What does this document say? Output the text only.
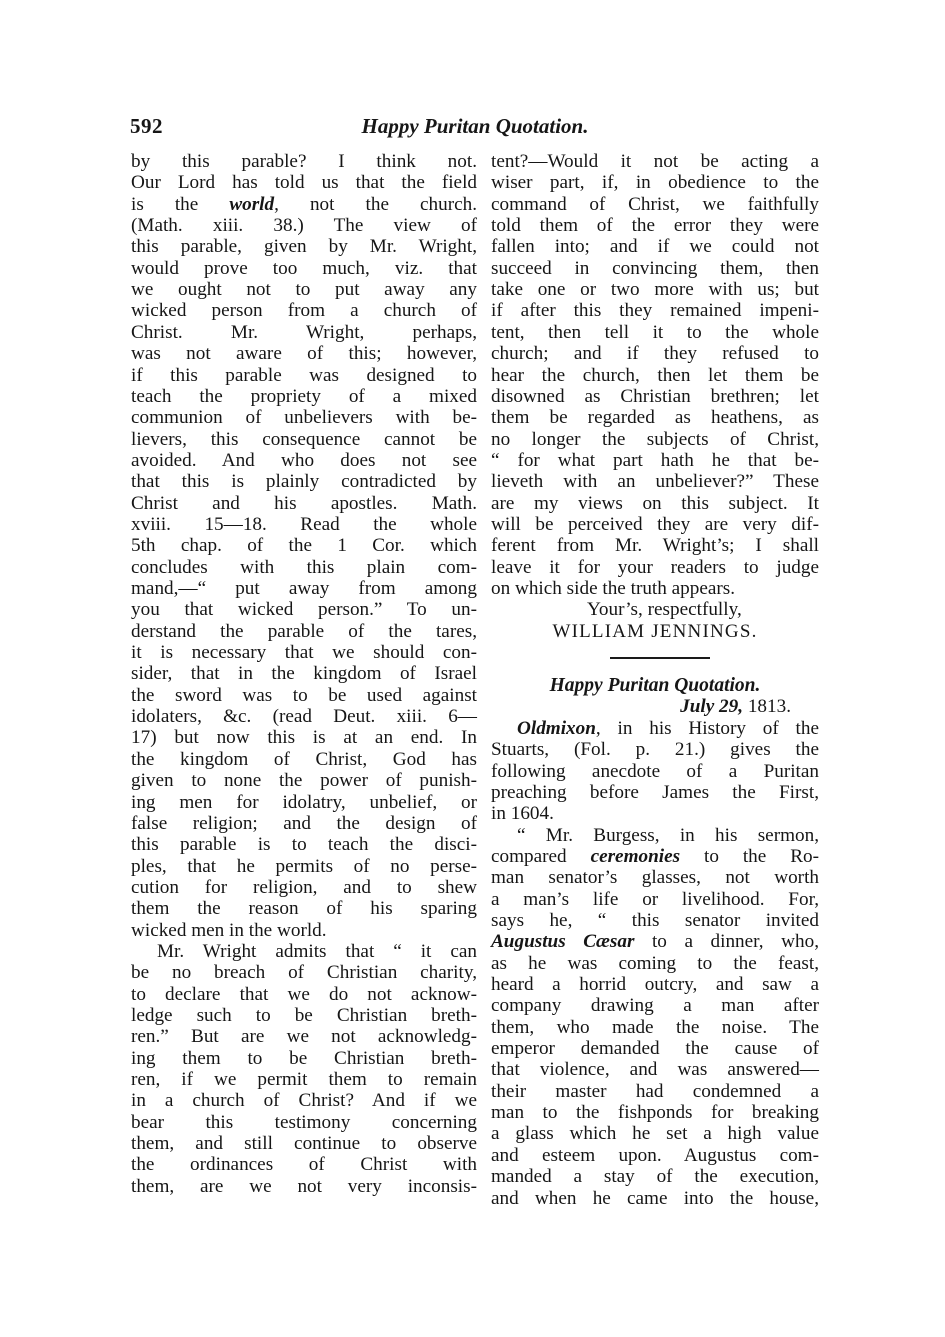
592	Happy Puritan Quotation.
by this parable? I think not.
Our Lord has told us that the field
is the world, not the church.
(Math. xiii. 38.) The view of
this parable, given by Mr. Wright,
would prove too much, viz. that
we ought not to put away any
wicked person from a church of
Christ. Mr. Wright, perhaps,
was not aware of this; however,
if this parable was designed to
teach the propriety of a mixed
communion of unbelievers with be-
lievers, this consequence cannot be
avoided. And who does not see
that this is plainly contradicted by
Christ and his apostles. Math.
xviii. 15—18. Read the whole
5th chap. of the 1 Cor. which
concludes with this plain com-
mand,—“ put away from among
you that wicked person.” To un-
derstand the parable of the tares,
it is necessary that we should con-
sider, that in the kingdom of Israel
the sword was to be used against
idolaters, &c. (read Deut. xiii. 6—
17) but now this is at an end. In
the kingdom of Christ, God has
given to none the power of punish-
ing men for idolatry, unbelief, or
false religion; and the design of
this parable is to teach the disci-
ples, that he permits of no perse-
cution for religion, and to shew
them the reason of his sparing
wicked men in the world.
Mr. Wright admits that “ it can
be no breach of Christian charity,
to declare that we do not acknow-
ledge such to be Christian breth-
ren.” But are we not acknowledg-
ing them to be Christian breth-
ren, if we permit them to remain
in a church of Christ? And if we
bear this testimony concerning
them, and still continue to observe
the ordinances of Christ with
them, are we not very inconsis-
tent?—Would it not be acting a
wiser part, if, in obedience to the
command of Christ, we faithfully
told them of the error they were
fallen into; and if we could not
succeed in convincing them, then
take one or two more with us; but
if after this they remained impeni-
tent, then tell it to the whole
church; and if they refused to
hear the church, then let them be
disowned as Christian brethren; let
them be regarded as heathens, as
no longer the subjects of Christ,
“ for what part hath he that be-
lieveth with an unbeliever?” These
are my views on this subject. It
will be perceived they are very dif-
ferent from Mr. Wright’s; I shall
leave it for your readers to judge
on which side the truth appears.
Your’s, respectfully,
WILLIAM JENNINGS.
Happy Puritan Quotation.
July 29, 1813.
Oldmixon, in his History of the
Stuarts, (Fol. p. 21.) gives the
following anecdote of a Puritan
preaching before James the First,
in 1604.
“ Mr. Burgess, in his sermon,
compared ceremonies to the Ro-
man senator’s glasses, not worth
a man’s life or livelihood. For,
says he, “ this senator invited
Augustus Cæsar to a dinner, who,
as he was coming to the feast,
heard a horrid outcry, and saw a
company drawing a man after
them, who made the noise. The
emperor demanded the cause of
that violence, and was answered—
their master had condemned a
man to the fishponds for breaking
a glass which he set a high value
and esteem upon. Augustus com-
manded a stay of the execution,
and when he came into the house,
